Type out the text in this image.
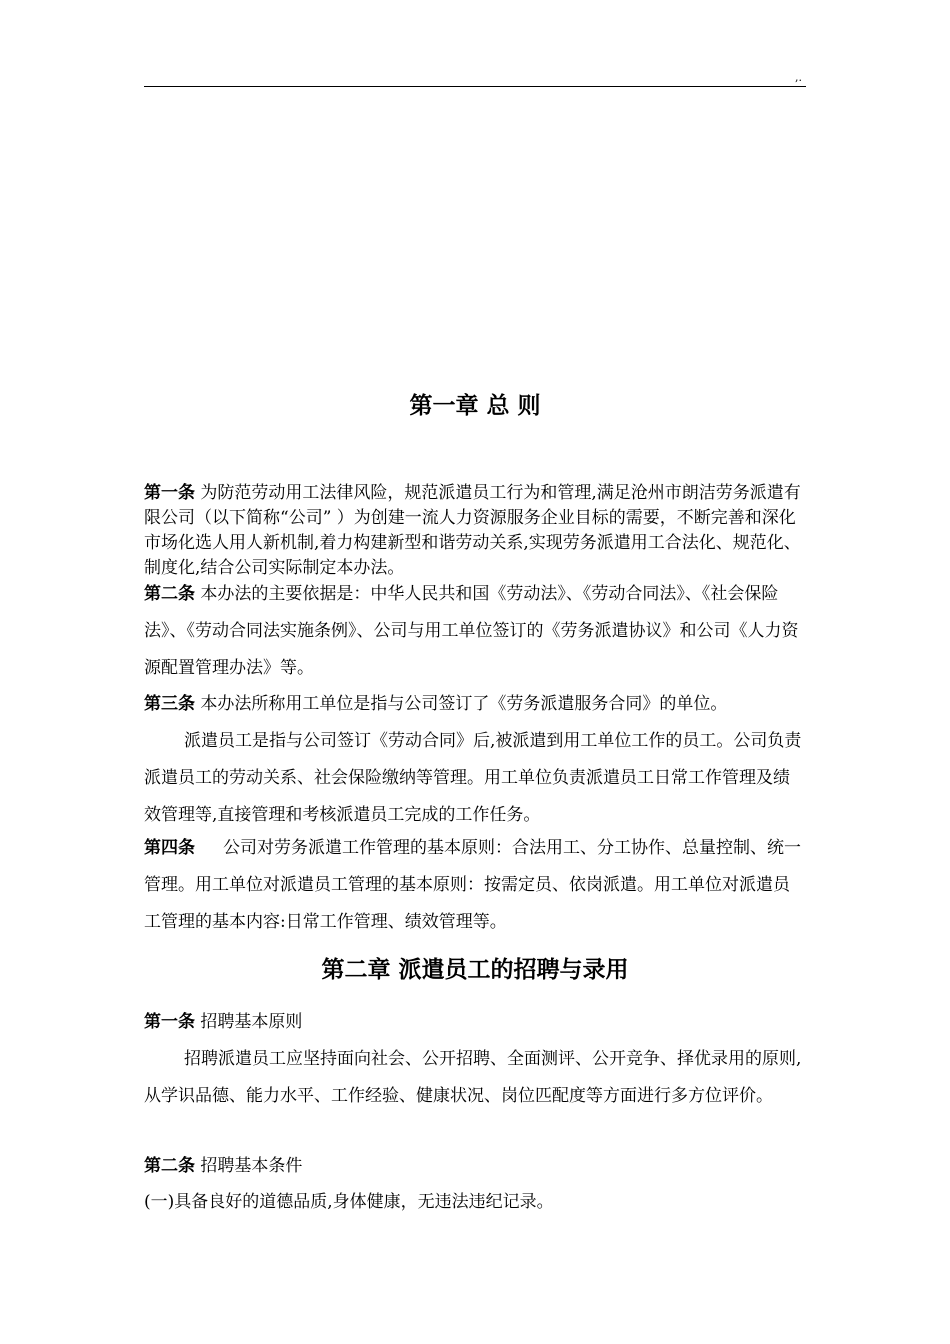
,.
第一章 总 则
第一条 为防范劳动用工法律风险，规范派遣员工行为和管理,满足沧州市朗洁劳务派遣有限公司（以下简称“公司” ）为创建一流人力资源服务企业目标的需要，不断完善和深化市场化选人用人新机制,着力构建新型和谐劳动关系,实现劳务派遣用工合法化、规范化、制度化,结合公司实际制定本办法。
第二条 本办法的主要依据是：中华人民共和国《劳动法》、《劳动合同法》、《社会保险法》、《劳动合同法实施条例》、公司与用工单位签订的《劳务派遣协议》和公司《人力资源配置管理办法》等。
第三条 本办法所称用工单位是指与公司签订了《劳务派遣服务合同》的单位。
派遣员工是指与公司签订《劳动合同》后,被派遣到用工单位工作的员工。公司负责派遣员工的劳动关系、社会保险缴纳等管理。用工单位负责派遣员工日常工作管理及绩效管理等,直接管理和考核派遣员工完成的工作任务。
第四条 公司对劳务派遣工作管理的基本原则：合法用工、分工协作、总量控制、统一管理。用工单位对派遣员工管理的基本原则：按需定员、依岗派遣。用工单位对派遣员工管理的基本内容:日常工作管理、绩效管理等。
第二章 派遣员工的招聘与录用
第一条 招聘基本原则
招聘派遣员工应坚持面向社会、公开招聘、全面测评、公开竞争、择优录用的原则,从学识品德、能力水平、工作经验、健康状况、岗位匹配度等方面进行多方位评价。
第二条 招聘基本条件
(一)具备良好的道德品质,身体健康，无违法违纪记录。
